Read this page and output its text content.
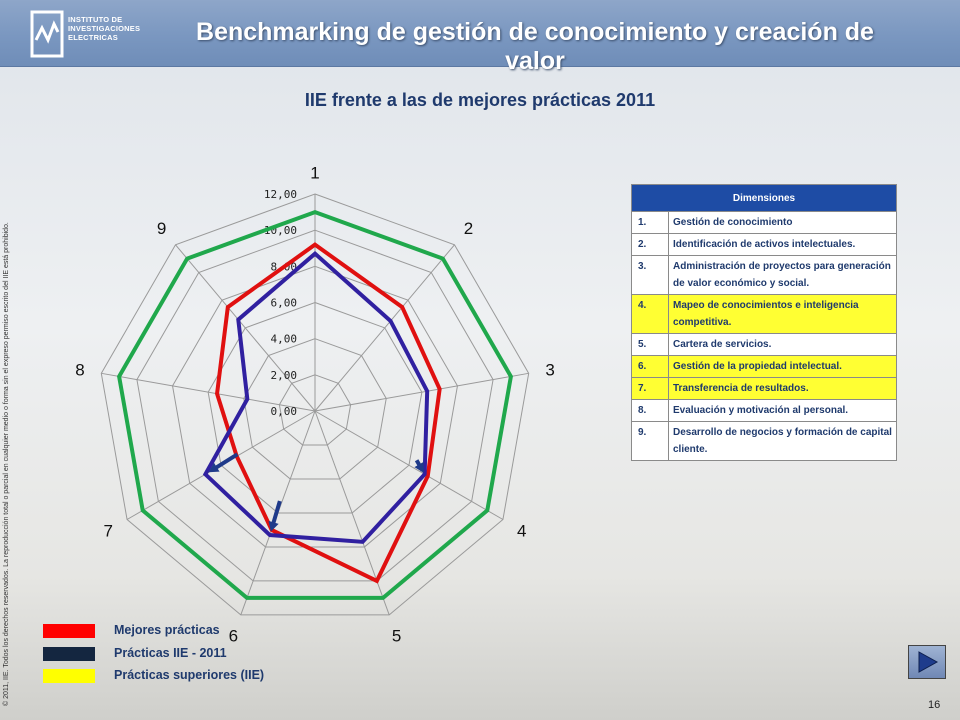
INSTITUTO DE
INVESTIGACIONES
ELECTRICAS	Benchmarking de gestión de conocimiento y creación de valor
IIE frente a las de mejores prácticas 2011
© 2011, IIE. Todos los derechos reservados. La reproducción total o parcial en cualquier medio o forma sin el expreso permiso escrito del IIE está prohibido.	0,00
2,00
4,00
6,00
8,00
10,00
12,00
1
2
3
4
5
6
7
8
9
Dimensiones	
1.	Gestión de conocimiento
2.	Identificación de activos intelectuales.
3.	Administración de proyectos para generación de valor económico y social.
4.	Mapeo de conocimientos e inteligencia competitiva.
5.	Cartera de servicios.
6.	Gestión de la propiedad intelectual.
7.	Transferencia de resultados.
8.	Evaluación y motivación al personal.
9.	Desarrollo de negocios y formación de capital cliente.
Mejores prácticas
Prácticas IIE - 2011
Prácticas superiores (IIE)
16
